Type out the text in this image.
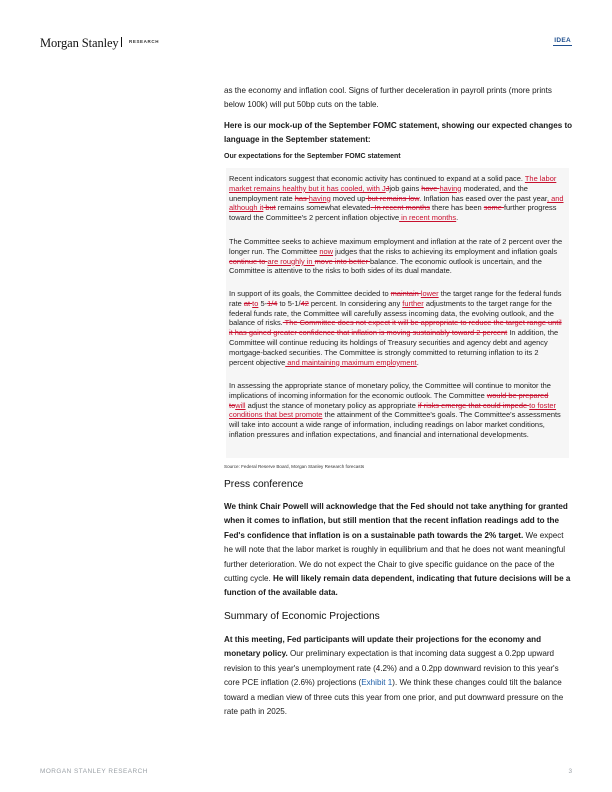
Morgan Stanley RESEARCH	IDEA

as the economy and inflation cool. Signs of further deceleration in payroll prints (more prints below 100k) will put 50bp cuts on the table.

Here is our mock-up of the September FOMC statement, showing our expected changes to language in the September statement:

Our expectations for the September FOMC statement

Recent indicators suggest that economic activity has continued to expand at a solid pace. The labor market remains healthy but it has cooled, with JJjob gains have having moderated, and the unemployment rate has having moved up but remains low. Inflation has eased over the past year, and although it but remains somewhat elevated. In recent months there has been some further progress toward the Committee's 2 percent inflation objective in recent months.

The Committee seeks to achieve maximum employment and inflation at the rate of 2 percent over the longer run. The Committee now judges that the risks to achieving its employment and inflation goals continue to are roughly in move into better balance. The economic outlook is uncertain, and the Committee is attentive to the risks to both sides of its dual mandate.

In support of its goals, the Committee decided to maintain lower the target range for the federal funds rate at to 5-1/4 to 5-1/42 percent. In considering any further adjustments to the target range for the federal funds rate, the Committee will carefully assess incoming data, the evolving outlook, and the balance of risks. The Committee does not expect it will be appropriate to reduce the target range until it has gained greater confidence that inflation is moving sustainably toward 2 percent In addition, the Committee will continue reducing its holdings of Treasury securities and agency debt and agency mortgage-backed securities. The Committee is strongly committed to returning inflation to its 2 percent objective and maintaining maximum employment.

In assessing the appropriate stance of monetary policy, the Committee will continue to monitor the implications of incoming information for the economic outlook. The Committee would be prepared towill adjust the stance of monetary policy as appropriate if risks emerge that could impede to foster conditions that best promote the attainment of the Committee's goals. The Committee's assessments will take into account a wide range of information, including readings on labor market conditions, inflation pressures and inflation expectations, and financial and international developments.

Source: Federal Reserve Board, Morgan Stanley Research forecasts
Press conference

We think Chair Powell will acknowledge that the Fed should not take anything for granted when it comes to inflation, but still mention that the recent inflation readings add to the Fed's confidence that inflation is on a sustainable path towards the 2% target. We expect he will note that the labor market is roughly in equilibrium and that he does not want meaningful further deterioration. We do not expect the Chair to give specific guidance on the pace of the cutting cycle. He will likely remain data dependent, indicating that future decisions will be a function of the available data.

Summary of Economic Projections

At this meeting, Fed participants will update their projections for the economy and monetary policy. Our preliminary expectation is that incoming data suggest a 0.2pp upward revision to this year's unemployment rate (4.2%) and a 0.2pp downward revision to this year's core PCE inflation (2.6%) projections (Exhibit 1). We think these changes could tilt the balance toward a median view of three cuts this year from one prior, and put downward pressure on the rate path in 2025.

MORGAN STANLEY RESEARCH	3
